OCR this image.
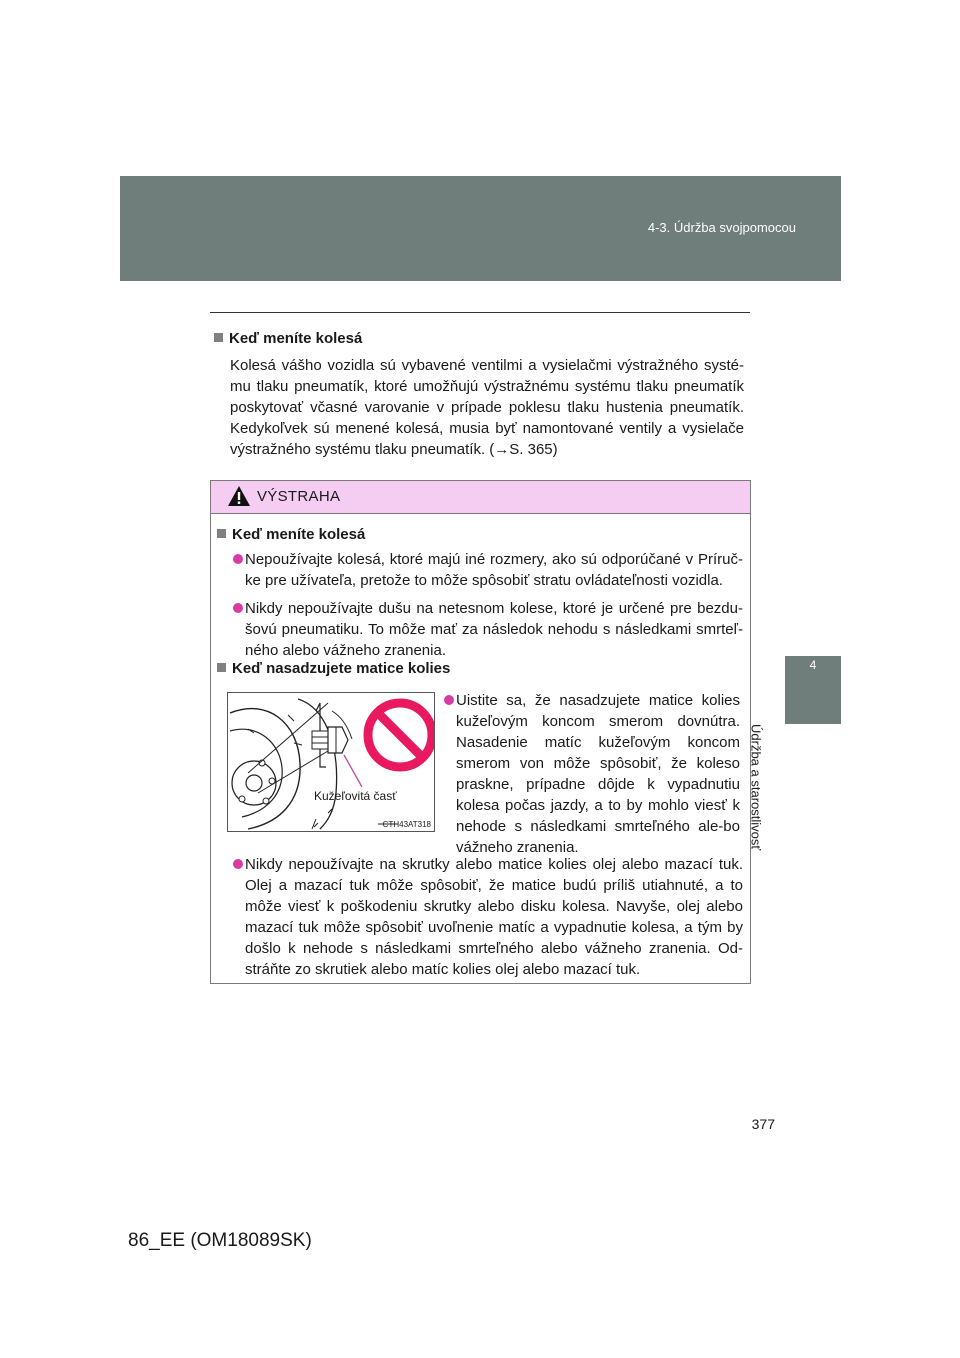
4-3. Údržba svojpomocou
4
Údržba a starostlivosť
Keď meníte kolesá
Kolesá vášho vozidla sú vybavené ventilmi a vysielačmi výstražného systé-mu tlaku pneumatík, ktoré umožňujú výstražnému systému tlaku pneumatík poskytovať včasné varovanie v prípade poklesu tlaku hustenia pneumatík. Kedykoľvek sú menené kolesá, musia byť namontované ventily a vysielače výstražného systému tlaku pneumatík. (→S. 365)
VÝSTRAHA
Keď meníte kolesá
Nepoužívajte kolesá, ktoré majú iné rozmery, ako sú odporúčané v Príruč-ke pre užívateľa, pretože to môže spôsobiť stratu ovládateľnosti vozidla.
Nikdy nepoužívajte dušu na netesnom kolese, ktoré je určené pre bezdu-šovú pneumatiku. To môže mať za následok nehodu s následkami smrteľ-ného alebo vážneho zranenia.
Keď nasadzujete matice kolies
Uistite sa, že nasadzujete matice kolies kužeľovým koncom smerom dovnútra. Nasadenie matíc kužeľovým koncom smerom von môže spôsobiť, že koleso praskne, prípadne dôjde k vypadnutiu kolesa počas jazdy, a to by mohlo viesť k nehode s následkami smrteľného ale-bo vážneho zranenia.
Nikdy nepoužívajte na skrutky alebo matice kolies olej alebo mazací tuk. Olej a mazací tuk môže spôsobiť, že matice budú príliš utiahnuté, a to môže viesť k poškodeniu skrutky alebo disku kolesa. Navyše, olej alebo mazací tuk môže spôsobiť uvoľnenie matíc a vypadnutie kolesa, a tým by došlo k nehode s následkami smrteľného alebo vážneho zranenia. Od-stráňte zo skrutiek alebo matíc kolies olej alebo mazací tuk.
Kužeľovitá časť
CTH43AT318
377
86_EE (OM18089SK)
